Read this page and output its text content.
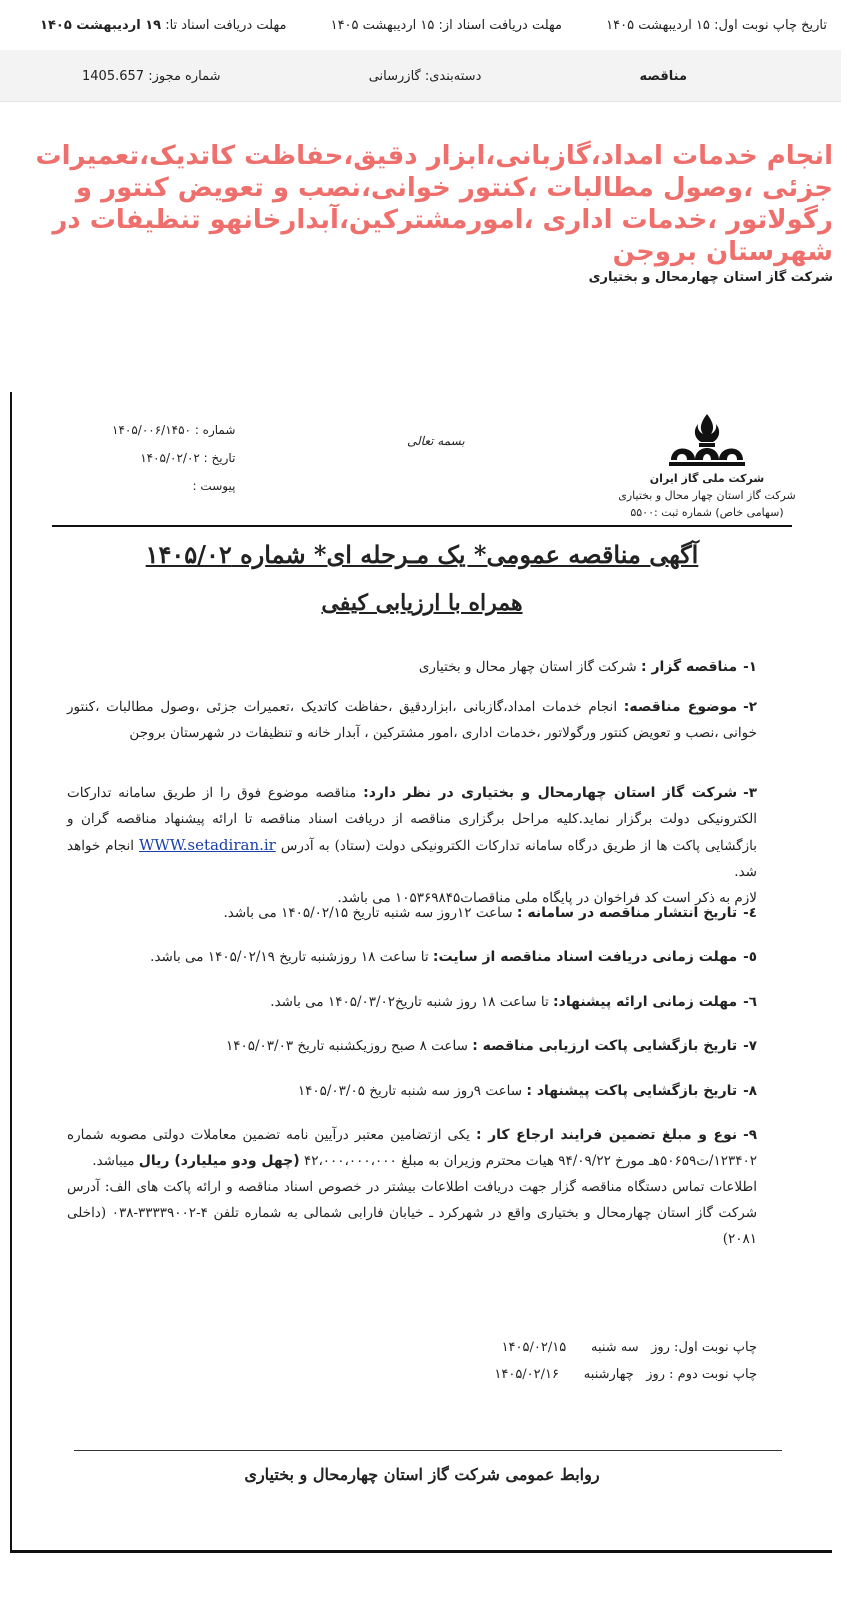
تاریخ چاپ نوبت اول: ۱۵ اردیبهشت ۱۴۰۵
مهلت دریافت اسناد از: ۱۵ اردیبهشت ۱۴۰۵
مهلت دریافت اسناد تا: ۱۹ اردیبهشت ۱۴۰۵
مناقصه
دسته‌بندی: گازرسانی
شماره مجوز: 1405.657
انجام خدمات امداد،گازبانی،ابزار دقیق،حفاظت کاتدیک،تعمیرات جزئی ،وصول مطالبات ،کنتور خوانی،نصب و تعویض کنتور و رگولاتور ،خدمات اداری ،امورمشترکین،آبدارخانهو تنظیفات در شهرستان بروجن
شرکت گاز استان چهارمحال و بختیاری
شرکت ملی گاز ایران
شرکت گاز استان چهار محال و بختیاری
(سهامی خاص) شماره ثبت :۵۵۰۰
بسمه تعالی
شماره : ۱۴۰۵/۰۰۶/۱۴۵۰
تاریخ : ۱۴۰۵/۰۲/۰۲
پیوست :
آگهی مناقصه عمومی* یک مـرحله ای* شماره ۱۴۰۵/۰۲
همراه با ارزیابی کیفی
۱-مناقصه گزار : شرکت گاز استان چهار محال و بختیاری
۲-موضوع مناقصه: انجام خدمات امداد،گازبانی ،ابزاردقیق ،حفاظت کاتدیک ،تعمیرات جزئی ،وصول مطالبات ،کنتور خوانی ،نصب و تعویض کنتور ورگولاتور ،خدمات اداری ،امور مشترکین ، آبدار خانه و تنظیفات در شهرستان بروجن
۳-شرکت گاز استان چهارمحال و بختیاری در نظر دارد: مناقصه موضوع فوق را از طریق سامانه تدارکات الکترونیکی دولت برگزار نماید.کلیه مراحل برگزاری مناقصه از دریافت اسناد مناقصه تا ارائه پیشنهاد مناقصه گران و بازگشایی پاکت ها از طریق درگاه سامانه تدارکات الکترونیکی دولت (ستاد) به آدرس WWW.setadiran.ir انجام خواهد شد.
لازم به ذکر است کد فراخوان در پایگاه ملی مناقصات۱۰۵۳۶۹۸۴۵ می باشد.
٤-تاریخ انتشار مناقصه در سامانه : ساعت ۱۲روز سه شنبه تاریخ ۱۴۰۵/۰۲/۱۵ می باشد.
٥-مهلت زمانی دریافت اسناد مناقصه از سایت: تا ساعت ۱۸ روزشنبه تاریخ ۱۴۰۵/۰۲/۱۹ می باشد.
٦-مهلت زمانی ارائه پیشنهاد: تا ساعت ۱۸ روز شنبه تاریخ۱۴۰۵/۰۳/۰۲ می باشد.
۷-تاریخ بازگشایی پاکت ارزیابی مناقصه : ساعت ۸ صبح روزیکشنبه تاریخ ۱۴۰۵/۰۳/۰۳
۸-تاریخ بازگشایی پاکت پیشنهاد : ساعت ۹روز سه شنبه تاریخ ۱۴۰۵/۰۳/۰۵
۹-نوع و مبلغ تضمین فرایند ارجاع کار : یکی ازتضامین معتبر درآیین نامه تضمین معاملات دولتی مصوبه شماره ۱۲۳۴۰۲/ت۵۰۶۵۹هـ مورخ ۹۴/۰۹/۲۲ هیات محترم وزیران به مبلغ ۴۲،۰۰۰،۰۰۰،۰۰۰ (چهل ودو میلیارد) ریال میباشد.
اطلاعات تماس دستگاه مناقصه گزار جهت دریافت اطلاعات بیشتر در خصوص اسناد مناقصه و ارائه پاکت های الف: آدرس شرکت گاز استان چهارمحال و بختیاری واقع در شهرکرد ـ خیابان فارابی شمالی به شماره تلفن ۴-۳۳۳۳۹۰۰۲-۰۳۸ (داخلی ۲۰۸۱)
چاپ نوبت اول: روز   سه شنبه      ۱۴۰۵/۰۲/۱۵
چاپ نوبت دوم : روز   چهارشنبه      ۱۴۰۵/۰۲/۱۶
روابط عمومی شرکت گاز استان چهارمحال و بختیاری
